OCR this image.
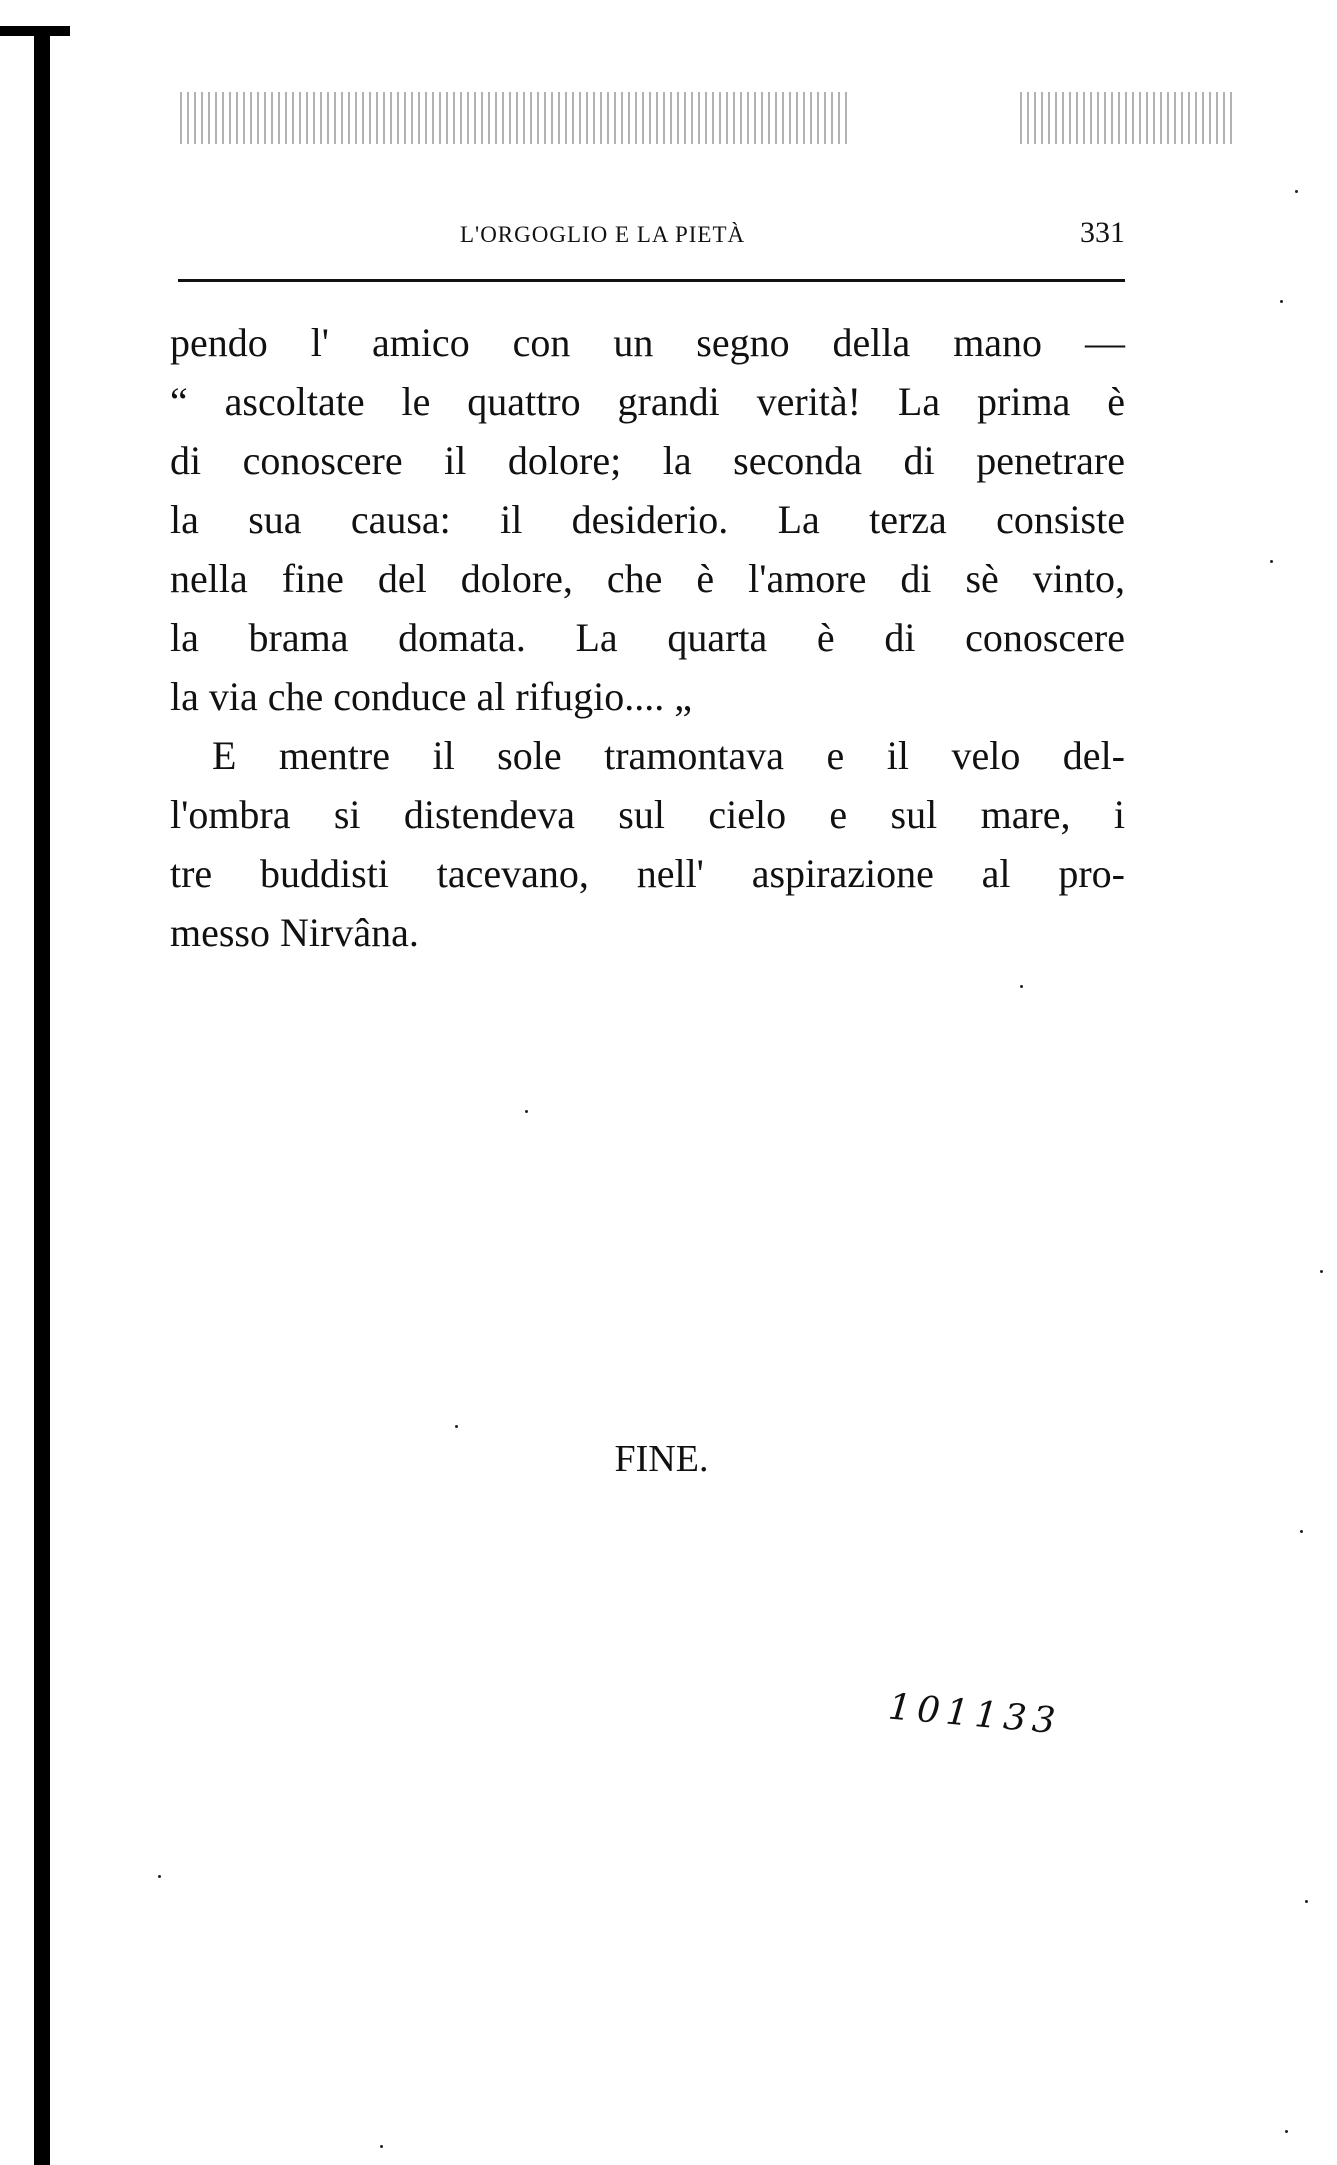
L'ORGOGLIO E LA PIETÀ	331
pendo l' amico con un segno della mano —
“ ascoltate le quattro grandi verità! La prima è
di conoscere il dolore; la seconda di penetrare
la sua causa: il desiderio. La terza consiste
nella fine del dolore, che è l'amore di sè vinto,
la brama domata. La quarta è di conoscere
la via che conduce al rifugio.... „
E mentre il sole tramontava e il velo del-
l'ombra si distendeva sul cielo e sul mare, i
tre buddisti tacevano, nell' aspirazione al pro-
messo Nirvâna.
FINE.
101133
